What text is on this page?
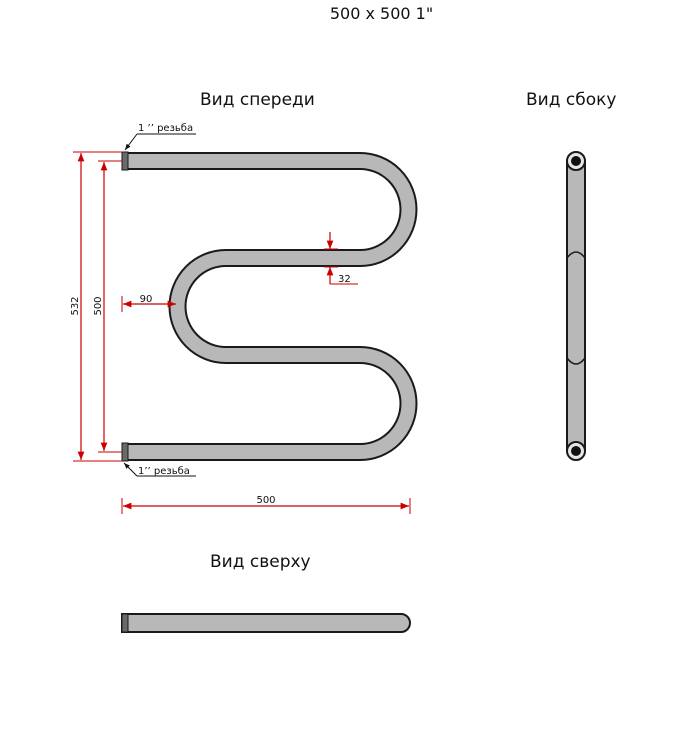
500 x 500 1"
Вид спереди	Вид сбоку
Вид сверху
1 ’’ резьба
1’’ резьба
532 500	90
32
500
